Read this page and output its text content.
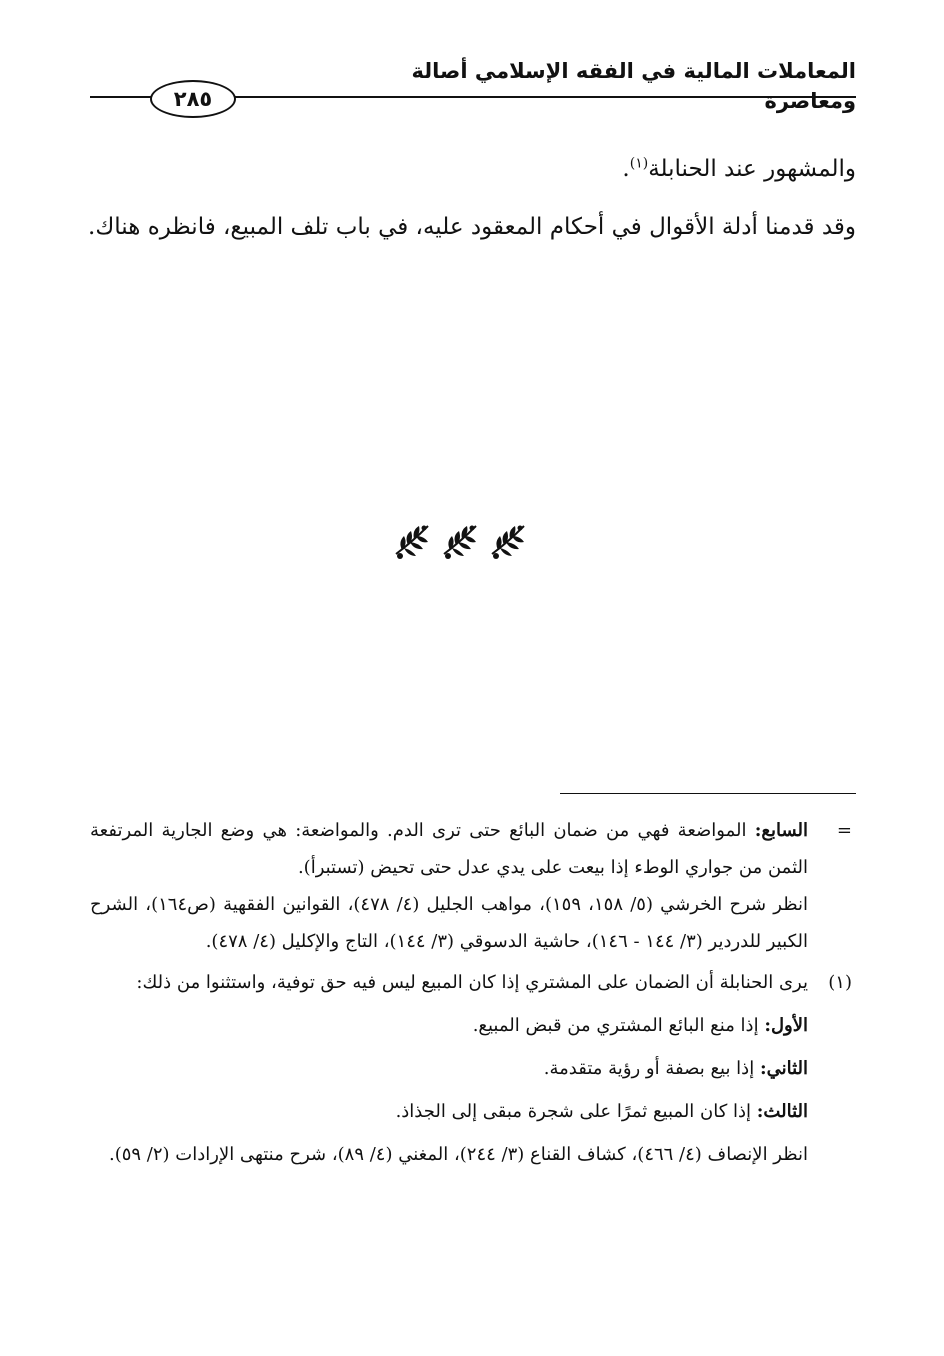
المعاملات المالية في الفقه الإسلامي أصالة ومعاصرة
٢٨٥

والمشهور عند الحنابلة$^{(١)}$.

وقد قدمنا أدلة الأقوال في أحكام المعقود عليه، في باب تلف المبيع، فانظره هناك.

=

السابع: المواضعة فهي من ضمان البائع حتى ترى الدم. والمواضعة: هي وضع الجارية المرتفعة الثمن من جواري الوطء إذا بيعت على يدي عدل حتى تحيض (تستبرأ).

انظر شرح الخرشي (٥/ ١٥٨، ١٥٩)، مواهب الجليل (٤/ ٤٧٨)، القوانين الفقهية (ص١٦٤)، الشرح الكبير للدردير (٣/ ١٤٤ - ١٤٦)، حاشية الدسوقي (٣/ ١٤٤)، التاج والإكليل (٤/ ٤٧٨).

(١)

يرى الحنابلة أن الضمان على المشتري إذا كان المبيع ليس فيه حق توفية، واستثنوا من ذلك:

الأول: إذا منع البائع المشتري من قبض المبيع.

الثاني: إذا بيع بصفة أو رؤية متقدمة.

الثالث: إذا كان المبيع ثمرًا على شجرة مبقى إلى الجذاذ.

انظر الإنصاف (٤/ ٤٦٦)، كشاف القناع (٣/ ٢٤٤)، المغني (٤/ ٨٩)، شرح منتهى الإرادات (٢/ ٥٩).
